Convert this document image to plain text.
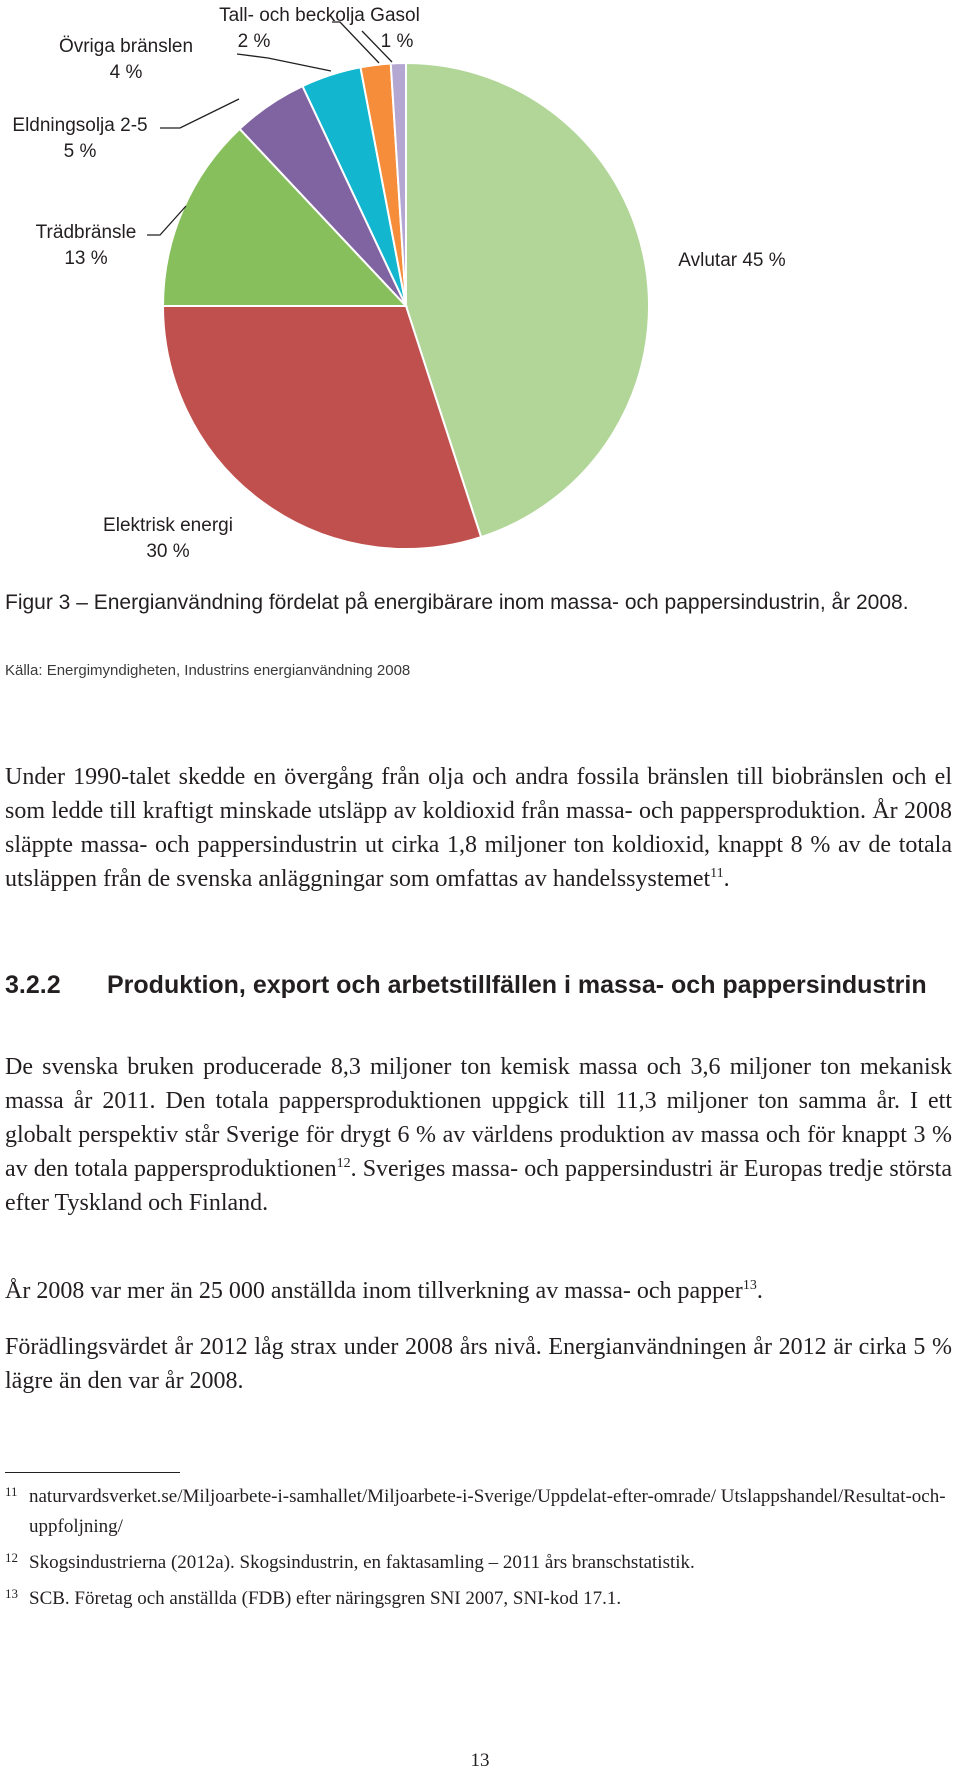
Avlutar 45 %
Elektrisk energi
30 %
Trädbränsle
13 %
Eldningsolja 2-5
5 %
Övriga bränslen
4 %
Tall- och beckolja
2 %
Gasol
1 %
Figur 3 – Energianvändning fördelat på energibärare inom massa- och pappersindustrin, år 2008.
Källa: Energimyndigheten, Industrins energianvändning 2008

Under 1990-talet skedde en övergång från olja och andra fossila bränslen till biobränslen och el som ledde till kraftigt minskade utsläpp av koldioxid från massa- och pappersproduktion. År 2008 släppte massa- och pappersindustrin ut cirka 1,8 miljoner ton koldioxid, knappt 8 % av de totala utsläppen från de svenska anläggningar som omfattas av handelssystemet$^{11}$.

3.2.2 Produktion, export och arbetstillfällen i massa- och pappersindustrin

De svenska bruken producerade 8,3 miljoner ton kemisk massa och 3,6 miljoner ton mekanisk massa år 2011. Den totala pappersproduktionen uppgick till 11,3 miljoner ton samma år. I ett globalt perspektiv står Sverige för drygt 6 % av världens produktion av massa och för knappt 3 % av den totala pappersproduktionen$^{12}$. Sveriges massa- och pappersindustri är Europas tredje största efter Tyskland och Finland.

År 2008 var mer än 25 000 anställda inom tillverkning av massa- och papper$^{13}$.

Förädlingsvärdet år 2012 låg strax under 2008 års nivå. Energianvändningen år 2012 är cirka 5 % lägre än den var år 2008.

11 naturvardsverket.se/Miljoarbete-i-samhallet/Miljoarbete-i-Sverige/Uppdelat-efter-omrade/ Utslappshandel/Resultat-och-uppfoljning/
12 Skogsindustrierna (2012a). Skogsindustrin, en faktasamling – 2011 års branschstatistik.
13 SCB. Företag och anställda (FDB) efter näringsgren SNI 2007, SNI-kod 17.1.
13
